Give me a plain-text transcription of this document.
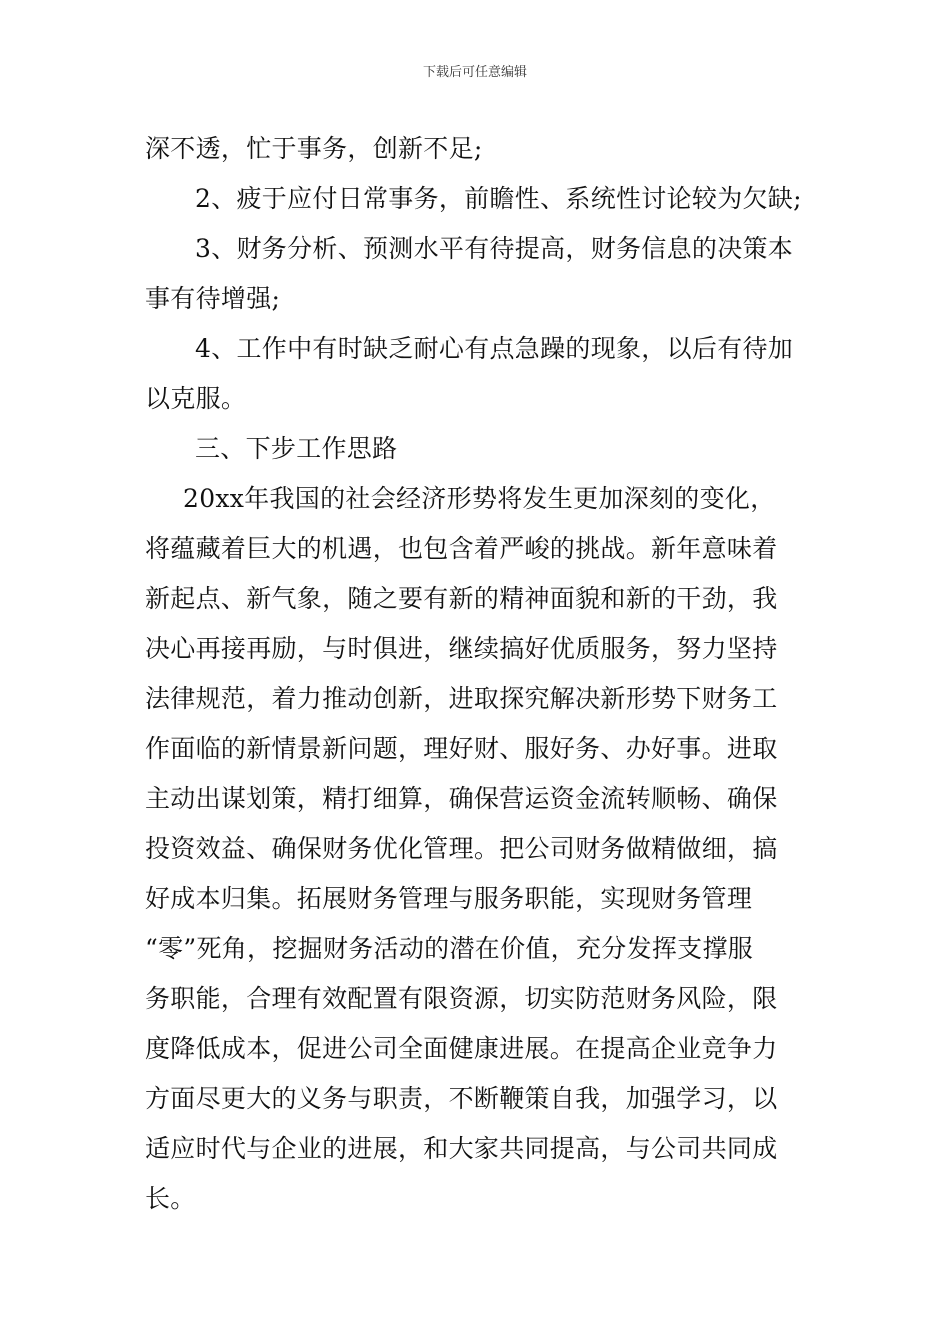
下载后可任意编辑
深不透，忙于事务，创新不足;
2、疲于应付日常事务，前瞻性、系统性讨论较为欠缺;
3、财务分析、预测水平有待提高，财务信息的决策本
事有待增强;
4、工作中有时缺乏耐心有点急躁的现象，以后有待加
以克服。
三、下步工作思路
20xx年我国的社会经济形势将发生更加深刻的变化，
将蕴藏着巨大的机遇，也包含着严峻的挑战。新年意味着
新起点、新气象，随之要有新的精神面貌和新的干劲，我
决心再接再励，与时俱进，继续搞好优质服务，努力坚持
法律规范，着力推动创新，进取探究解决新形势下财务工
作面临的新情景新问题，理好财、服好务、办好事。进取
主动出谋划策，精打细算，确保营运资金流转顺畅、确保
投资效益、确保财务优化管理。把公司财务做精做细，搞
好成本归集。拓展财务管理与服务职能，实现财务管理
“零”死角，挖掘财务活动的潜在价值，充分发挥支撑服
务职能，合理有效配置有限资源，切实防范财务风险，限
度降低成本，促进公司全面健康进展。在提高企业竞争力
方面尽更大的义务与职责，不断鞭策自我，加强学习，以
适应时代与企业的进展，和大家共同提高，与公司共同成
长。
